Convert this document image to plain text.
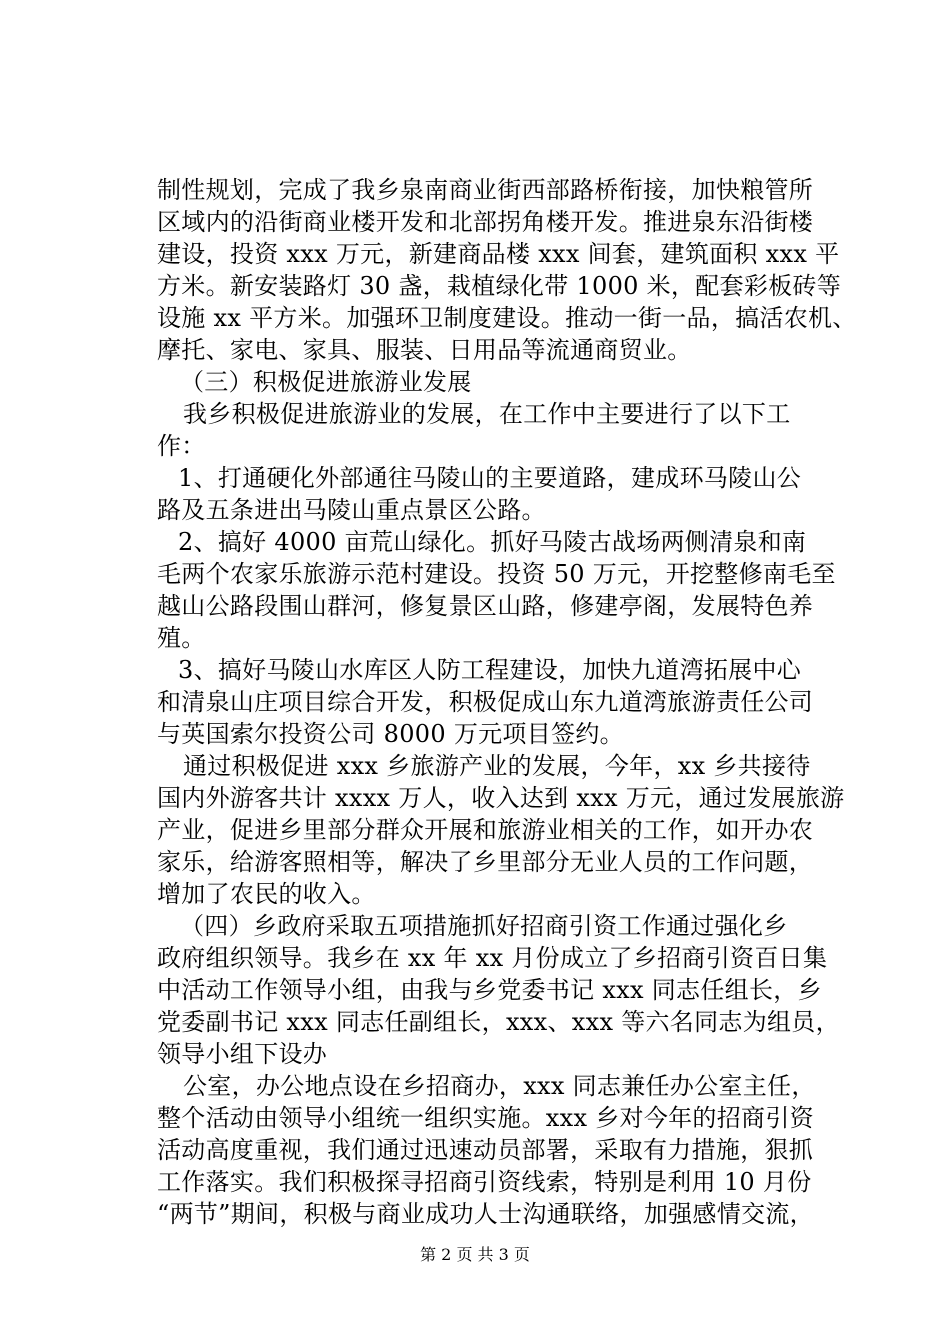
制性规划，完成了我乡泉南商业街西部路桥衔接，加快粮管所
区域内的沿街商业楼开发和北部拐角楼开发。推进泉东沿街楼
建设，投资 xxx 万元，新建商品楼 xxx 间套，建筑面积 xxx 平
方米。新安装路灯 30 盏，栽植绿化带 1000 米，配套彩板砖等
设施 xx 平方米。加强环卫制度建设。推动一街一品，搞活农机、
摩托、家电、家具、服装、日用品等流通商贸业。
（三）积极促进旅游业发展
我乡积极促进旅游业的发展，在工作中主要进行了以下工
作：
1、打通硬化外部通往马陵山的主要道路，建成环马陵山公
路及五条进出马陵山重点景区公路。
2、搞好 4000 亩荒山绿化。抓好马陵古战场两侧清泉和南
毛两个农家乐旅游示范村建设。投资 50 万元，开挖整修南毛至
越山公路段围山群河，修复景区山路，修建亭阁，发展特色养
殖。
3、搞好马陵山水库区人防工程建设，加快九道湾拓展中心
和清泉山庄项目综合开发，积极促成山东九道湾旅游责任公司
与英国索尔投资公司 8000 万元项目签约。
通过积极促进 xxx 乡旅游产业的发展，今年，xx 乡共接待
国内外游客共计 xxxx 万人，收入达到 xxx 万元，通过发展旅游
产业，促进乡里部分群众开展和旅游业相关的工作，如开办农
家乐，给游客照相等，解决了乡里部分无业人员的工作问题，
增加了农民的收入。
（四）乡政府采取五项措施抓好招商引资工作通过强化乡
政府组织领导。我乡在 xx 年 xx 月份成立了乡招商引资百日集
中活动工作领导小组，由我与乡党委书记 xxx 同志任组长，乡
党委副书记 xxx 同志任副组长，xxx、xxx 等六名同志为组员，
领导小组下设办
公室，办公地点设在乡招商办，xxx 同志兼任办公室主任，
整个活动由领导小组统一组织实施。xxx 乡对今年的招商引资
活动高度重视，我们通过迅速动员部署，采取有力措施，狠抓
工作落实。我们积极探寻招商引资线索，特别是利用 10 月份
“两节”期间，积极与商业成功人士沟通联络，加强感情交流，
第 2 页 共 3 页
